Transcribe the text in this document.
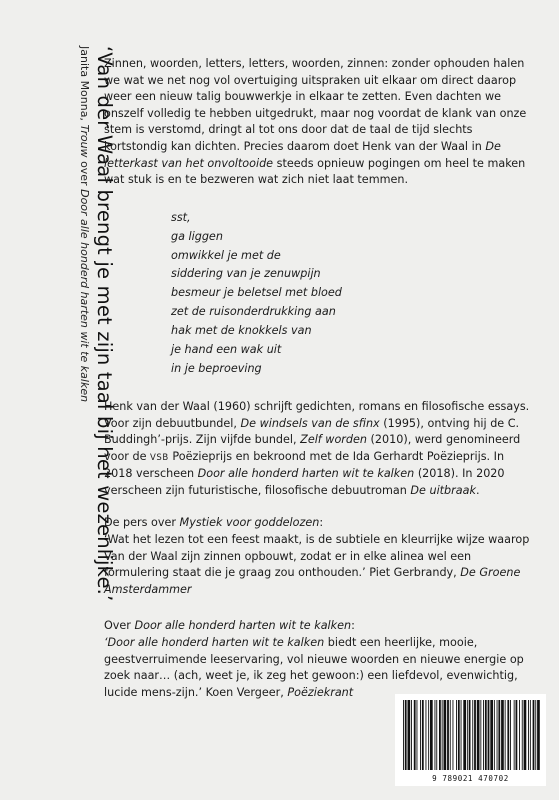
‘Van der Waal brengt je met zijn taal bij het wezenlijke.’
Janita Monna, Trouw over Door alle honderd harten wit te kalken

Zinnen, woorden, letters, letters, woorden, zinnen: zonder ophouden halen we wat we net nog vol overtuiging uitspraken uit elkaar om direct daarop weer een nieuw talig bouwwerkje in elkaar te zetten. Even dachten we onszelf volledig te hebben uitgedrukt, maar nog voordat de klank van onze stem is verstomd, dringt al tot ons door dat de taal de tijd slechts kortstondig kan dichten. Precies daarom doet Henk van der Waal in De letterkast van het onvoltooide steeds opnieuw pogingen om heel te maken wat stuk is en te bezweren wat zich niet laat temmen.

sst,
ga liggen
omwikkel je met de
siddering van je zenuwpijn
besmeur je beletsel met bloed
zet de ruisonderdrukking aan
hak met de knokkels van
je hand een wak uit
in je beproeving

Henk van der Waal (1960) schrijft gedichten, romans en filosofische essays. Voor zijn debuutbundel, De windsels van de sfinx (1995), ontving hij de C. Buddingh’-prijs. Zijn vijfde bundel, Zelf worden (2010), werd genomineerd voor de VSB Poëzieprijs en bekroond met de Ida Gerhardt Poëzieprijs. In 2018 verscheen Door alle honderd harten wit te kalken (2018). In 2020 verscheen zijn futuristische, filosofische debuutroman De uitbraak.

De pers over Mystiek voor goddelozen:

‘Wat het lezen tot een feest maakt, is de subtiele en kleurrijke wijze waarop Van der Waal zijn zinnen opbouwt, zodat er in elke alinea wel een formulering staat die je graag zou onthouden.’ Piet Gerbrandy, De Groene Amsterdammer

Over Door alle honderd harten wit te kalken:

‘Door alle honderd harten wit te kalken biedt een heerlijke, mooie, geestverruimende leeservaring, vol nieuwe woorden en nieuwe energie op zoek naar… (ach, weet je, ik zeg het gewoon:) een liefdevol, evenwichtig, lucide mens-zijn.’ Koen Vergeer, Poëziekrant

9 789021 470702
